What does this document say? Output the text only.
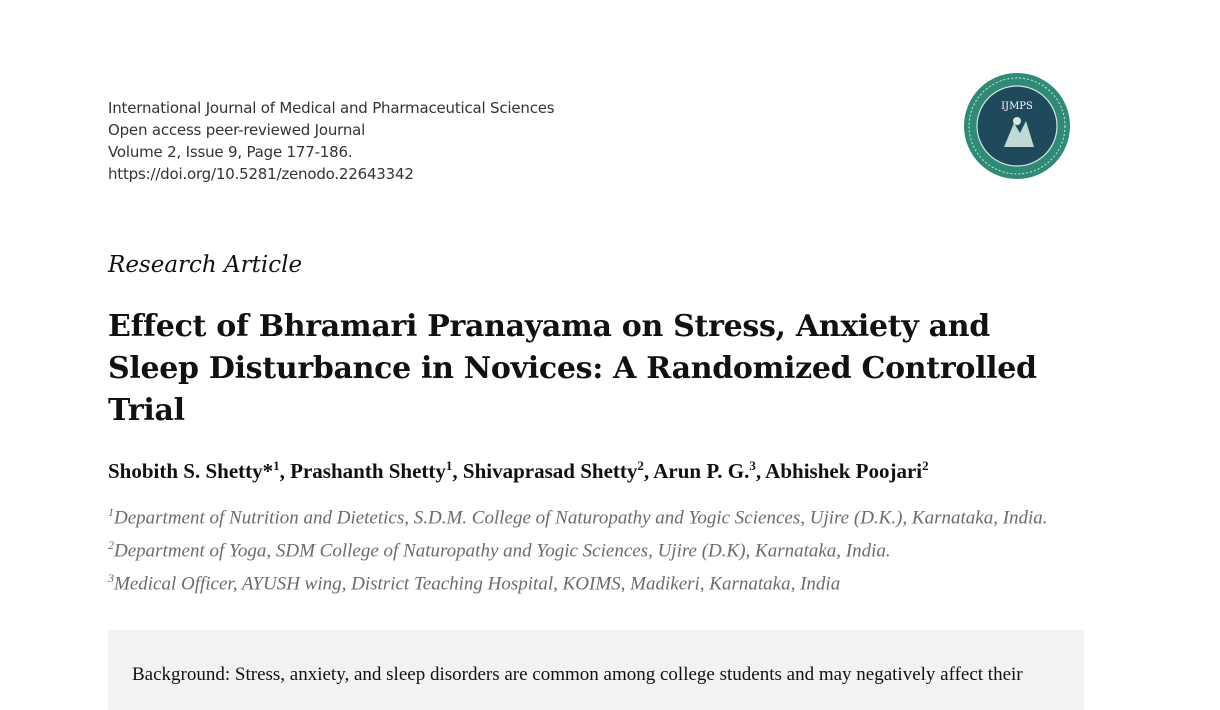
International Journal of Medical and Pharmaceutical Sciences
Open access peer-reviewed Journal
Volume 2, Issue 9, Page 177-186.
https://doi.org/10.5281/zenodo.22643342
IJMPS
Research Article
Effect of Bhramari Pranayama on Stress, Anxiety and Sleep Disturbance in Novices: A Randomized Controlled Trial
Shobith S. Shetty*$^1$, Prashanth Shetty$^1$, Shivaprasad Shetty$^2$, Arun P. G.$^3$, Abhishek Poojari$^2$
$^1$Department of Nutrition and Dietetics, S.D.M. College of Naturopathy and Yogic Sciences, Ujire (D.K.), Karnataka, India.
$^2$Department of Yoga, SDM College of Naturopathy and Yogic Sciences, Ujire (D.K), Karnataka, India.
$^3$Medical Officer, AYUSH wing, District Teaching Hospital, KOIMS, Madikeri, Karnataka, India
Background: Stress, anxiety, and sleep disorders are common among college students and may negatively affect their
